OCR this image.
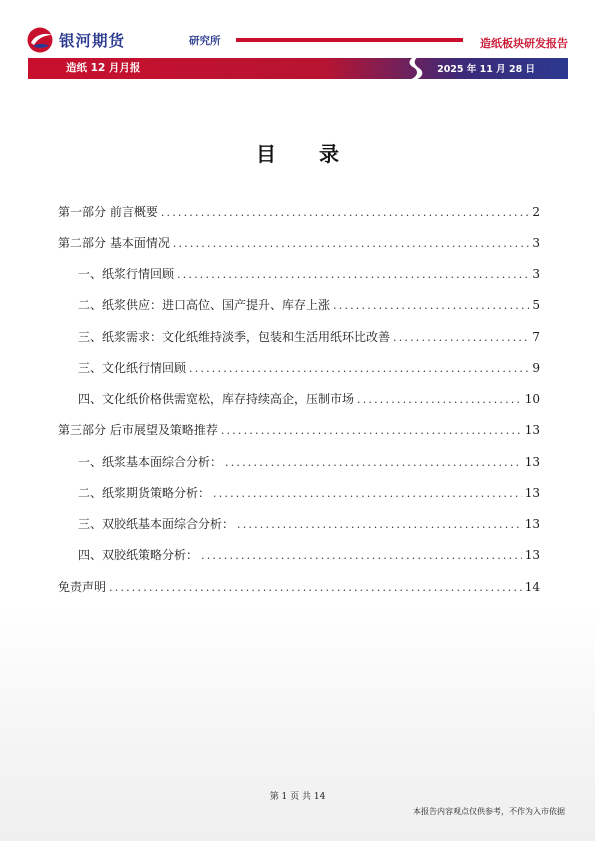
银河期货	研究所	造纸板块研发报告
造纸 12 月月报	2025 年 11 月 28 日
目 录
第一部分 前言概要 .....	2
第二部分 基本面情况 .....	3
一、纸浆行情回顾 .....	3
二、纸浆供应：进口高位、国产提升、库存上涨 .....	5
三、纸浆需求：文化纸维持淡季，包装和生活用纸环比改善 .....	7
三、文化纸行情回顾 .....	9
四、文化纸价格供需宽松，库存持续高企，压制市场 .....	10
第三部分 后市展望及策略推荐 .....	13
一、纸浆基本面综合分析： .....	13
二、纸浆期货策略分析： .....	13
三、双胶纸基本面综合分析： .....	13
四、双胶纸策略分析： .....	13
免责声明 .....	14
第 1 页 共 14
本报告内容观点仅供参考，不作为入市依据
